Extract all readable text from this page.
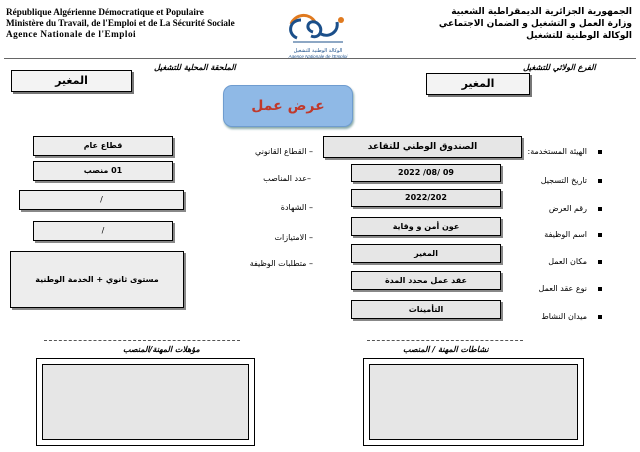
République Algérienne Démocratique et Populaire
Ministère du Travail, de l'Emploi et de La Sécurité Sociale
Agence Nationale de l'Emploi
الجمهورية الجزائرية الديمقراطية الشعبية
وزارة العمل و التشغيل و الضمان الاجتماعي
الوكالة الوطنية للتشغيل
الوكالة الوطنية للتشغيل
Agence Nationale de l'Emploi
الملحقة المحلية للتشغيل
المغير
الفرع الولائي للتشغيل
المغير
عرض عمل
الهيئة المستخدمة:
الصندوق الوطني للتقاعد
تاريخ التسجيل
09 /08/ 2022
رقم العرض
2022/202
اسم الوظيفة
عون أمن و وقاية
مكان العمل
المغير
نوع عقد العمل
عقد عمل محدد المدة
ميدان النشاط
التأمينات
– القطاع القانوني
قطاع عام
–عدد المناصب
01 منصب
– الشهادة
/
– الامتيازات
/
– متطلبات الوظيفة
مستوى ثانوي + الخدمة الوطنية
مؤهلات المهنة/المنصب	نشاطات المهنة / المنصب
